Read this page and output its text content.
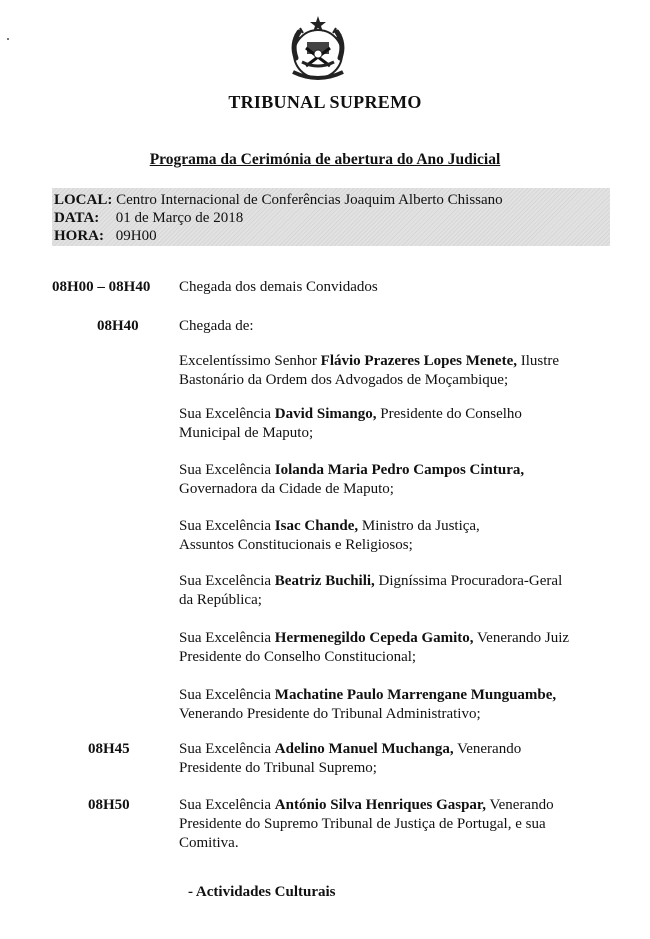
TRIBUNAL SUPREMO
Programa da Cerimónia de abertura do Ano Judicial
LOCAL: Centro Internacional de Conferências Joaquim Alberto Chissano
DATA: 01 de Março de 2018
HORA: 09H00
08H00 – 08H40 Chegada dos demais Convidados
08H40	Chegada de:
Excelentíssimo Senhor Flávio Prazeres Lopes Menete, Ilustre
Bastonário da Ordem dos Advogados de Moçambique;
Sua Excelência David Simango, Presidente do Conselho
Municipal de Maputo;
Sua Excelência Iolanda Maria Pedro Campos Cintura,
Governadora da Cidade de Maputo;
Sua Excelência Isac Chande, Ministro da Justiça,
Assuntos Constitucionais e Religiosos;
Sua Excelência Beatriz Buchili, Digníssima Procuradora-Geral
da República;
Sua Excelência Hermenegildo Cepeda Gamito, Venerando Juiz
Presidente do Conselho Constitucional;
Sua Excelência Machatine Paulo Marrengane Munguambe,
Venerando Presidente do Tribunal Administrativo;
08H45	Sua Excelência Adelino Manuel Muchanga, Venerando
Presidente do Tribunal Supremo;
08H50	Sua Excelência António Silva Henriques Gaspar, Venerando
Presidente do Supremo Tribunal de Justiça de Portugal, e sua
Comitiva.
- Actividades Culturais
